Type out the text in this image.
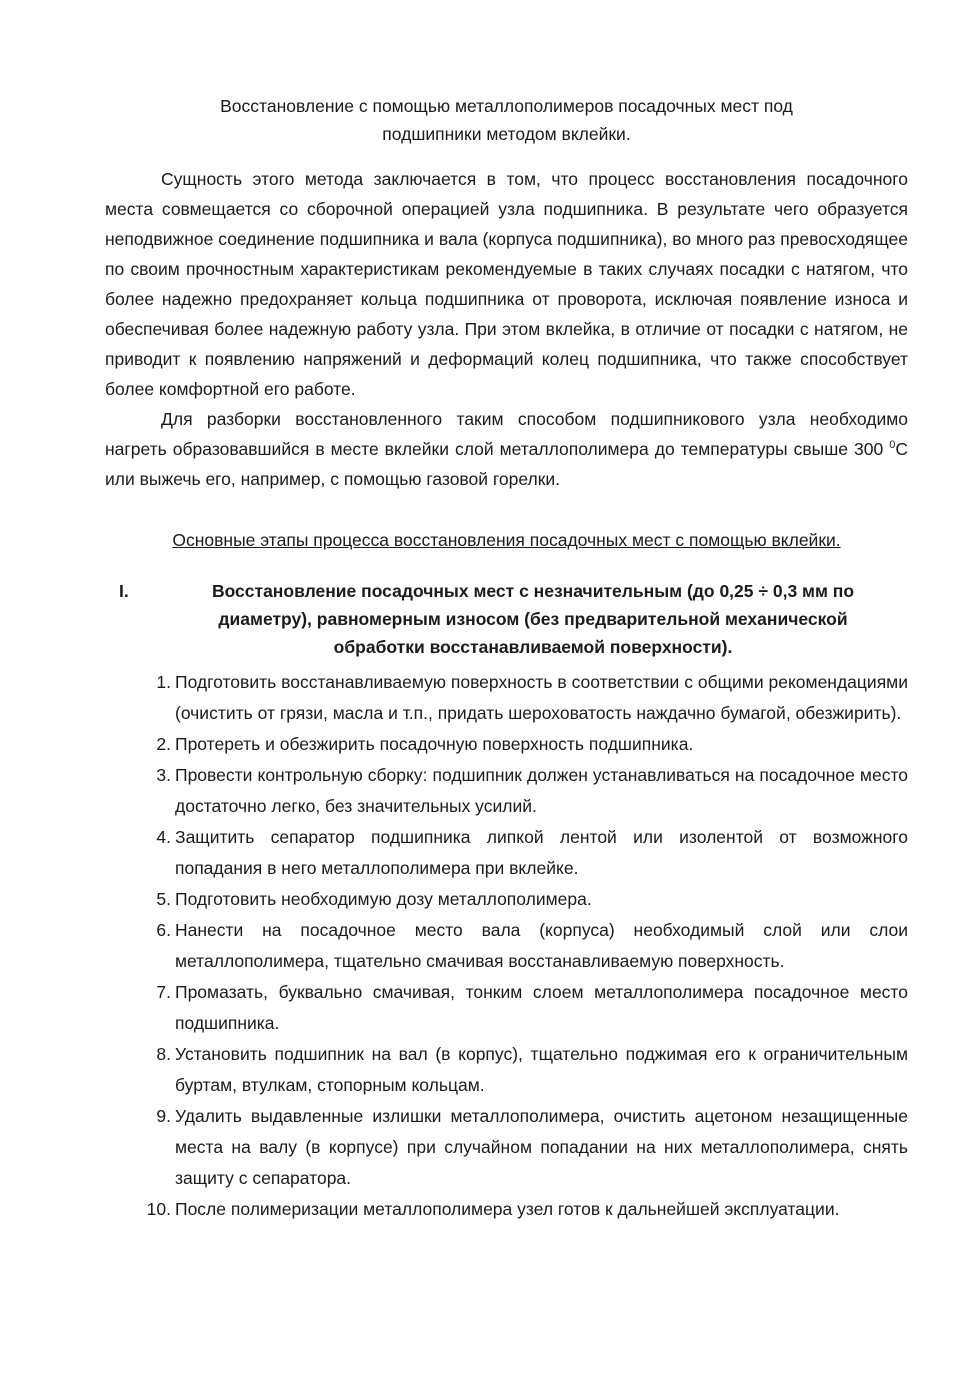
Восстановление с помощью металлополимеров посадочных мест под
подшипники методом вклейки.

Сущность этого метода заключается в том, что процесс восстановления посадочного места совмещается со сборочной операцией узла подшипника. В результате чего образуется неподвижное соединение подшипника и вала (корпуса подшипника), во много раз превосходящее по своим прочностным характеристикам рекомендуемые в таких случаях посадки с натягом, что более надежно предохраняет кольца подшипника от проворота, исключая появление износа и обеспечивая более надежную работу узла. При этом вклейка, в отличие от посадки с натягом, не приводит к появлению напряжений и деформаций колец подшипника, что также способствует более комфортной его работе.

Для разборки восстановленного таким способом подшипникового узла необходимо нагреть образовавшийся в месте вклейки слой металлополимера до температуры свыше 300 $^0$С или выжечь его, например, с помощью газовой горелки.

Основные этапы процесса восстановления посадочных мест с помощью вклейки.
I.	Восстановление посадочных мест с незначительным (до 0,25 ÷ 0,3 мм по диаметру), равномерным износом (без предварительной механической обработки восстанавливаемой поверхности).
1. Подготовить восстанавливаемую поверхность в соответствии с общими рекомендациями (очистить от грязи, масла и т.п., придать шероховатость наждачно бумагой, обезжирить).
2. Протереть и обезжирить посадочную поверхность подшипника.
3. Провести контрольную сборку: подшипник должен устанавливаться на посадочное место достаточно легко, без значительных усилий.
4. Защитить сепаратор подшипника липкой лентой или изолентой от возможного попадания в него металлополимера при вклейке.
5. Подготовить необходимую дозу металлополимера.
6. Нанести на посадочное место вала (корпуса) необходимый слой или слои металлополимера, тщательно смачивая восстанавливаемую поверхность.
7. Промазать, буквально смачивая, тонким слоем металлополимера посадочное место подшипника.
8. Установить подшипник на вал (в корпус), тщательно поджимая его к ограничительным буртам, втулкам, стопорным кольцам.
9. Удалить выдавленные излишки металлополимера, очистить ацетоном незащищенные места на валу (в корпусе) при случайном попадании на них металлополимера, снять защиту с сепаратора.
10. После полимеризации металлополимера узел готов к дальнейшей эксплуатации.
